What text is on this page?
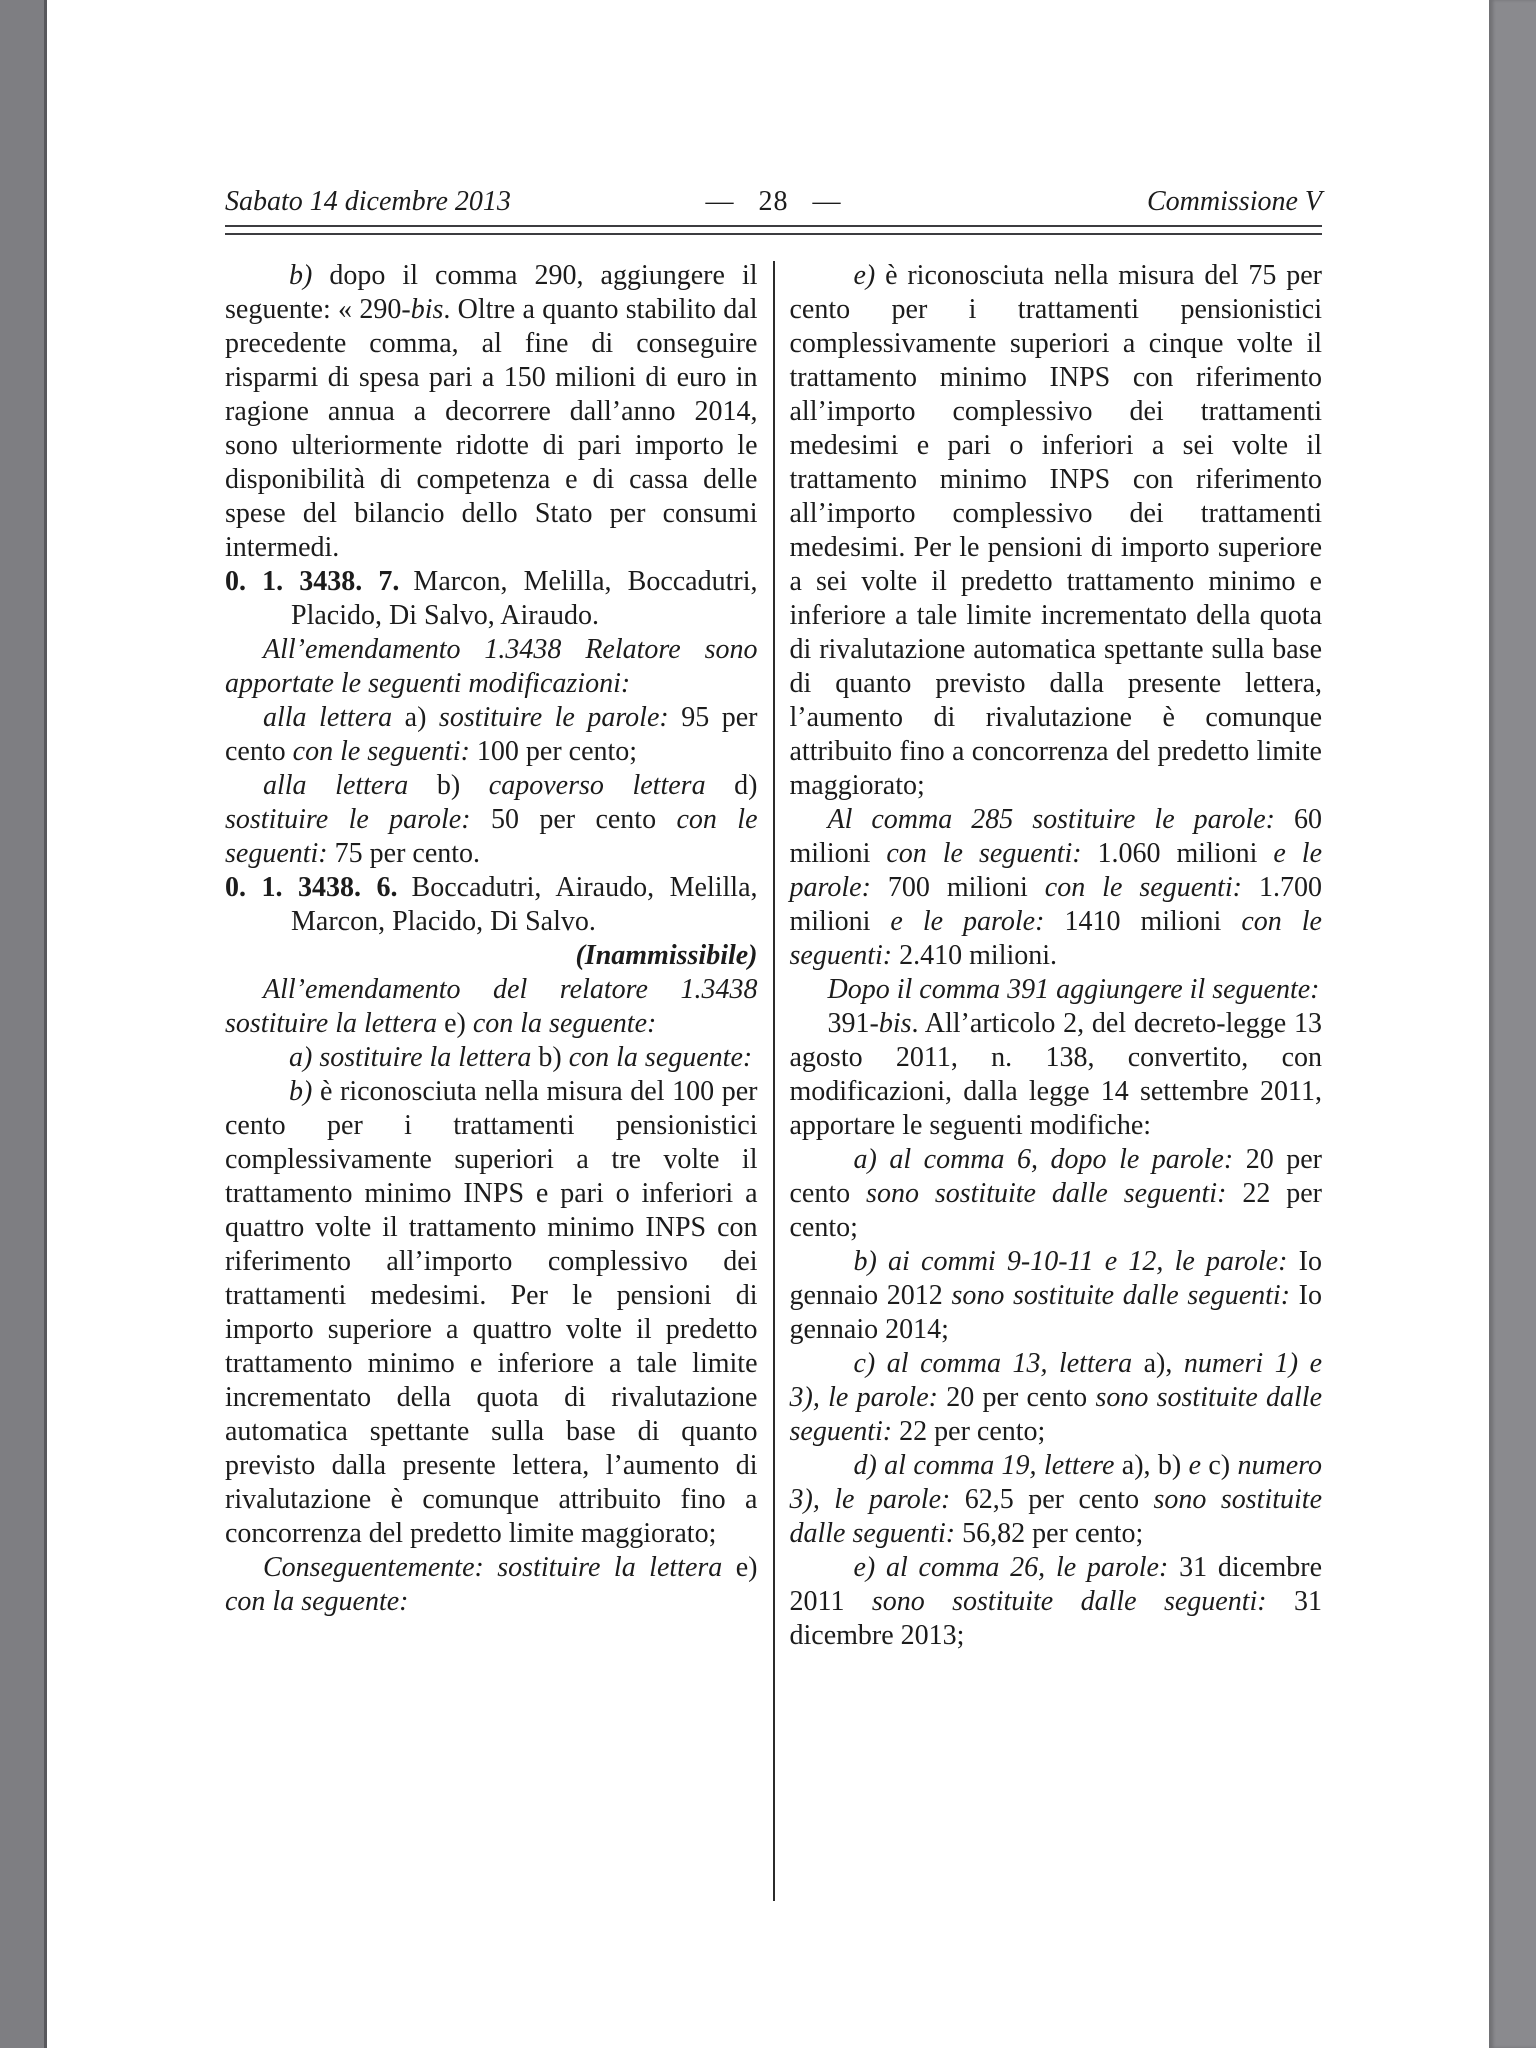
Sabato 14 dicembre 2013	—   28   —	Commissione V

b) dopo il comma 290, aggiungere il seguente: « 290-bis. Oltre a quanto stabilito dal precedente comma, al fine di conseguire risparmi di spesa pari a 150 milioni di euro in ragione annua a decorrere dall’anno 2014, sono ulteriormente ridotte di pari importo le disponibilità di competenza e di cassa delle spese del bilancio dello Stato per consumi intermedi.

0. 1. 3438. 7. Marcon, Melilla, Boccadutri, Placido, Di Salvo, Airaudo.

All’emendamento 1.3438 Relatore sono apportate le seguenti modificazioni:

alla lettera a) sostituire le parole: 95 per cento con le seguenti: 100 per cento;

alla lettera b) capoverso lettera d) sostituire le parole: 50 per cento con le seguenti: 75 per cento.

0. 1. 3438. 6. Boccadutri, Airaudo, Melilla, Marcon, Placido, Di Salvo.

(Inammissibile)

All’emendamento del relatore 1.3438 sostituire la lettera e) con la seguente:

a) sostituire la lettera b) con la seguente:

b) è riconosciuta nella misura del 100 per cento per i trattamenti pensionistici complessivamente superiori a tre volte il trattamento minimo INPS e pari o inferiori a quattro volte il trattamento minimo INPS con riferimento all’importo complessivo dei trattamenti medesimi. Per le pensioni di importo superiore a quattro volte il predetto trattamento minimo e inferiore a tale limite incrementato della quota di rivalutazione automatica spettante sulla base di quanto previsto dalla presente lettera, l’aumento di rivalutazione è comunque attribuito fino a concorrenza del predetto limite maggiorato;

Conseguentemente: sostituire la lettera e) con la seguente:

e) è riconosciuta nella misura del 75 per cento per i trattamenti pensionistici complessivamente superiori a cinque volte il trattamento minimo INPS con riferimento all’importo complessivo dei trattamenti medesimi e pari o inferiori a sei volte il trattamento minimo INPS con riferimento all’importo complessivo dei trattamenti medesimi. Per le pensioni di importo superiore a sei volte il predetto trattamento minimo e inferiore a tale limite incrementato della quota di rivalutazione automatica spettante sulla base di quanto previsto dalla presente lettera, l’aumento di rivalutazione è comunque attribuito fino a concorrenza del predetto limite maggiorato;

Al comma 285 sostituire le parole: 60 milioni con le seguenti: 1.060 milioni e le parole: 700 milioni con le seguenti: 1.700 milioni e le parole: 1410 milioni con le seguenti: 2.410 milioni.

Dopo il comma 391 aggiungere il seguente:

391-bis. All’articolo 2, del decreto-legge 13 agosto 2011, n. 138, convertito, con modificazioni, dalla legge 14 settembre 2011, apportare le seguenti modifiche:

a) al comma 6, dopo le parole: 20 per cento sono sostituite dalle seguenti: 22 per cento;

b) ai commi 9-10-11 e 12, le parole: Io gennaio 2012 sono sostituite dalle seguenti: Io gennaio 2014;

c) al comma 13, lettera a), numeri 1) e 3), le parole: 20 per cento sono sostituite dalle seguenti: 22 per cento;

d) al comma 19, lettere a), b) e c) numero 3), le parole: 62,5 per cento sono sostituite dalle seguenti: 56,82 per cento;

e) al comma 26, le parole: 31 dicembre 2011 sono sostituite dalle seguenti: 31 dicembre 2013;
